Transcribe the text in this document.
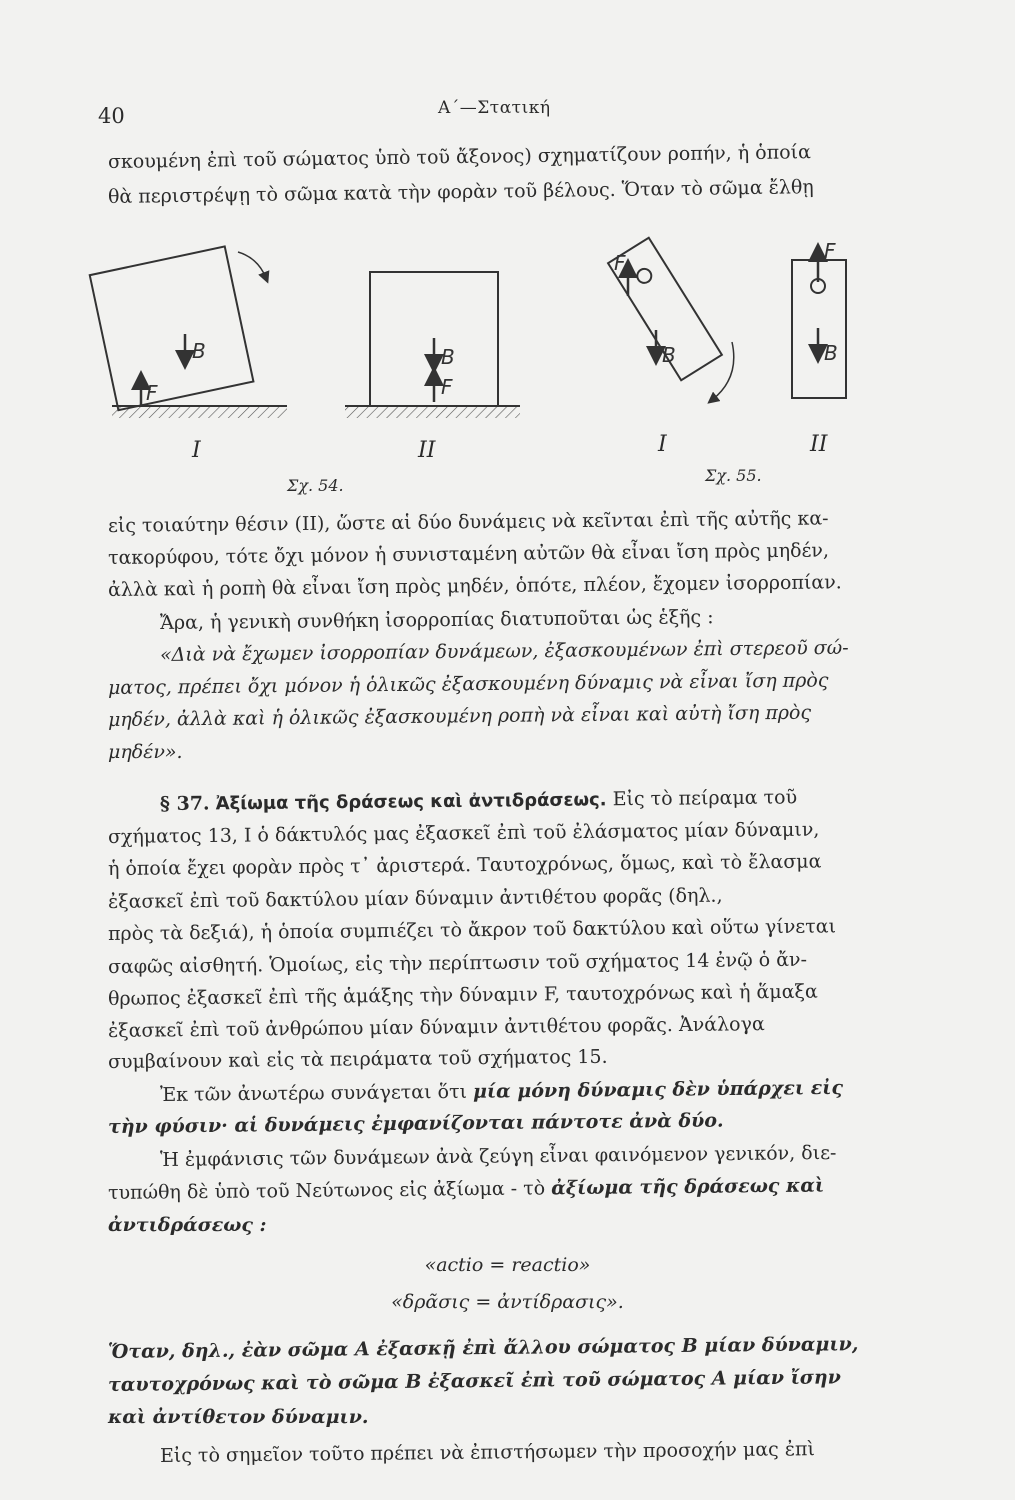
40	Α΄—Στατική
σκουμένη ἐπὶ τοῦ σώματος ὑπὸ τοῦ ἄξονος) σχηματίζουν ροπήν, ἡ ὁποία
θὰ περιστρέψῃ τὸ σῶμα κατὰ τὴν φορὰν τοῦ βέλους. Ὅταν τὸ σῶμα ἔλθῃ
B
F
B
F
F
B
F
B
I	II
Σχ. 54.
I	II
Σχ. 55.
εἰς τοιαύτην θέσιν (II), ὥστε αἱ δύο δυνάμεις νὰ κεῖνται ἐπὶ τῆς αὐτῆς κα-
τακορύφου, τότε ὄχι μόνον ἡ συνισταμένη αὐτῶν θὰ εἶναι ἴση πρὸς μηδέν,
ἀλλὰ καὶ ἡ ροπὴ θὰ εἶναι ἴση πρὸς μηδέν, ὁπότε, πλέον, ἔχομεν ἰσορροπίαν.
Ἄρα, ἡ γενικὴ συνθήκη ἰσορροπίας διατυποῦται ὡς ἑξῆς :
«Διὰ νὰ ἔχωμεν ἰσορροπίαν δυνάμεων, ἐξασκουμένων ἐπὶ στερεοῦ σώ-
ματος, πρέπει ὄχι μόνον ἡ ὁλικῶς ἐξασκουμένη δύναμις νὰ εἶναι ἴση πρὸς
μηδέν, ἀλλὰ καὶ ἡ ὁλικῶς ἐξασκουμένη ροπὴ νὰ εἶναι καὶ αὐτὴ ἴση πρὸς
μηδέν».
§ 37. Ἀξίωμα τῆς δράσεως καὶ ἀντιδράσεως. Εἰς τὸ πείραμα τοῦ
σχήματος 13, I ὁ δάκτυλός μας ἐξασκεῖ ἐπὶ τοῦ ἐλάσματος μίαν δύναμιν,
ἡ ὁποία ἔχει φορὰν πρὸς τ᾿ ἀριστερά. Ταυτοχρόνως, ὅμως, καὶ τὸ ἔλασμα
ἐξασκεῖ ἐπὶ τοῦ δακτύλου μίαν δύναμιν ἀντιθέτου φορᾶς (δηλ.,
πρὸς τὰ δεξιά), ἡ ὁποία συμπιέζει τὸ ἄκρον τοῦ δακτύλου καὶ οὕτω γίνεται
σαφῶς αἰσθητή. Ὁμοίως, εἰς τὴν περίπτωσιν τοῦ σχήματος 14 ἐνῷ ὁ ἄν-
θρωπος ἐξασκεῖ ἐπὶ τῆς ἁμάξης τὴν δύναμιν F, ταυτοχρόνως καὶ ἡ ἅμαξα
ἐξασκεῖ ἐπὶ τοῦ ἀνθρώπου μίαν δύναμιν ἀντιθέτου φορᾶς. Ἀνάλογα
συμβαίνουν καὶ εἰς τὰ πειράματα τοῦ σχήματος 15.
Ἐκ τῶν ἀνωτέρω συνάγεται ὅτι μία μόνη δύναμις δὲν ὑπάρχει εἰς
τὴν φύσιν· αἱ δυνάμεις ἐμφανίζονται πάντοτε ἀνὰ δύο.
Ἡ ἐμφάνισις τῶν δυνάμεων ἀνὰ ζεύγη εἶναι φαινόμενον γενικόν, διε-
τυπώθη δὲ ὑπὸ τοῦ Νεύτωνος εἰς ἀξίωμα - τὸ ἀξίωμα τῆς δράσεως καὶ
ἀντιδράσεως :
«actio = reactio»
«δρᾶσις = ἀντίδρασις».
Ὅταν, δηλ., ἐὰν σῶμα Α ἐξασκῇ ἐπὶ ἄλλου σώματος Β μίαν δύναμιν,
ταυτοχρόνως καὶ τὸ σῶμα Β ἐξασκεῖ ἐπὶ τοῦ σώματος Α μίαν ἴσην
καὶ ἀντίθετον δύναμιν.
Εἰς τὸ σημεῖον τοῦτο πρέπει νὰ ἐπιστήσωμεν τὴν προσοχήν μας ἐπὶ
